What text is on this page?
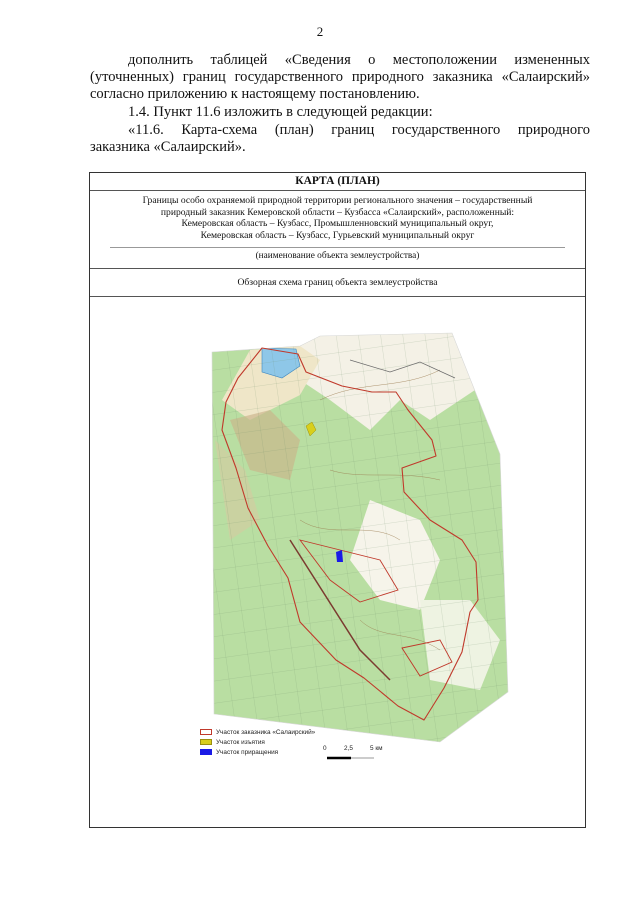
2
дополнить таблицей «Сведения о местоположении измененных
(уточненных) границ государственного природного заказника «Салаирский»
согласно приложению к настоящему постановлению.
1.4. Пункт 11.6 изложить в следующей редакции:
«11.6. Карта-схема (план) границ государственного природного
заказника «Салаирский».
КАРТА (ПЛАН)
Границы особо охраняемой природной территории регионального значения – государственный
природный заказник Кемеровской области – Кузбасса «Салаирский», расположенный:
Кемеровская область – Кузбасс, Промышленновский муниципальный округ,
Кемеровская область – Кузбасс, Гурьевский муниципальный округ
(наименование объекта землеустройства)
Обзорная схема границ объекта землеустройства
Участок заказника «Салаирский»
Участок изъятия
Участок приращения	0	2,5	5 км
